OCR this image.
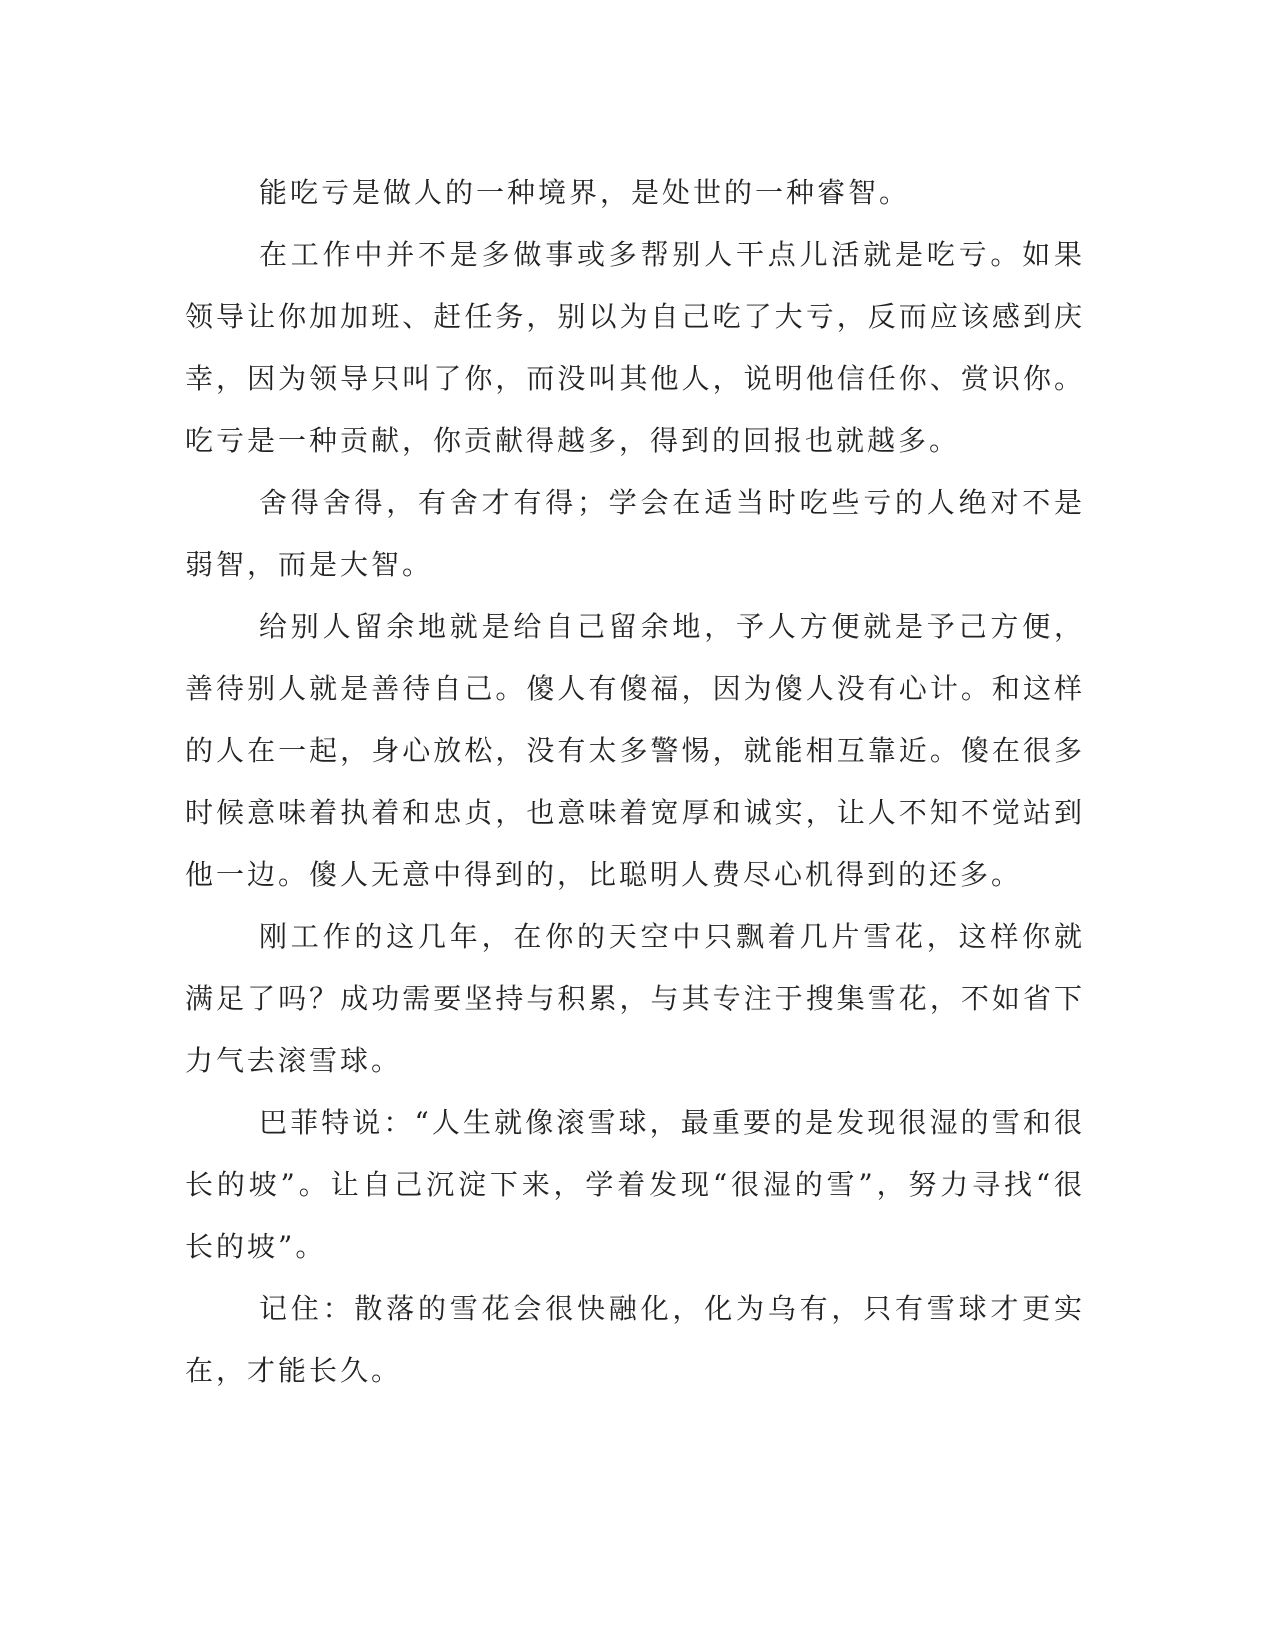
能吃亏是做人的一种境界，是处世的一种睿智。

在工作中并不是多做事或多帮别人干点儿活就是吃亏。如果领导让你加加班、赶任务，别以为自己吃了大亏，反而应该感到庆幸，因为领导只叫了你，而没叫其他人，说明他信任你、赏识你。吃亏是一种贡献，你贡献得越多，得到的回报也就越多。

舍得舍得，有舍才有得；学会在适当时吃些亏的人绝对不是弱智，而是大智。

给别人留余地就是给自己留余地，予人方便就是予己方便，善待别人就是善待自己。傻人有傻福，因为傻人没有心计。和这样的人在一起，身心放松，没有太多警惕，就能相互靠近。傻在很多时候意味着执着和忠贞，也意味着宽厚和诚实，让人不知不觉站到他一边。傻人无意中得到的，比聪明人费尽心机得到的还多。

刚工作的这几年，在你的天空中只飘着几片雪花，这样你就满足了吗？成功需要坚持与积累，与其专注于搜集雪花，不如省下力气去滚雪球。

巴菲特说：“人生就像滚雪球，最重要的是发现很湿的雪和很长的坡”。让自己沉淀下来，学着发现“很湿的雪”，努力寻找“很长的坡”。

记住：散落的雪花会很快融化，化为乌有，只有雪球才更实在，才能长久。
